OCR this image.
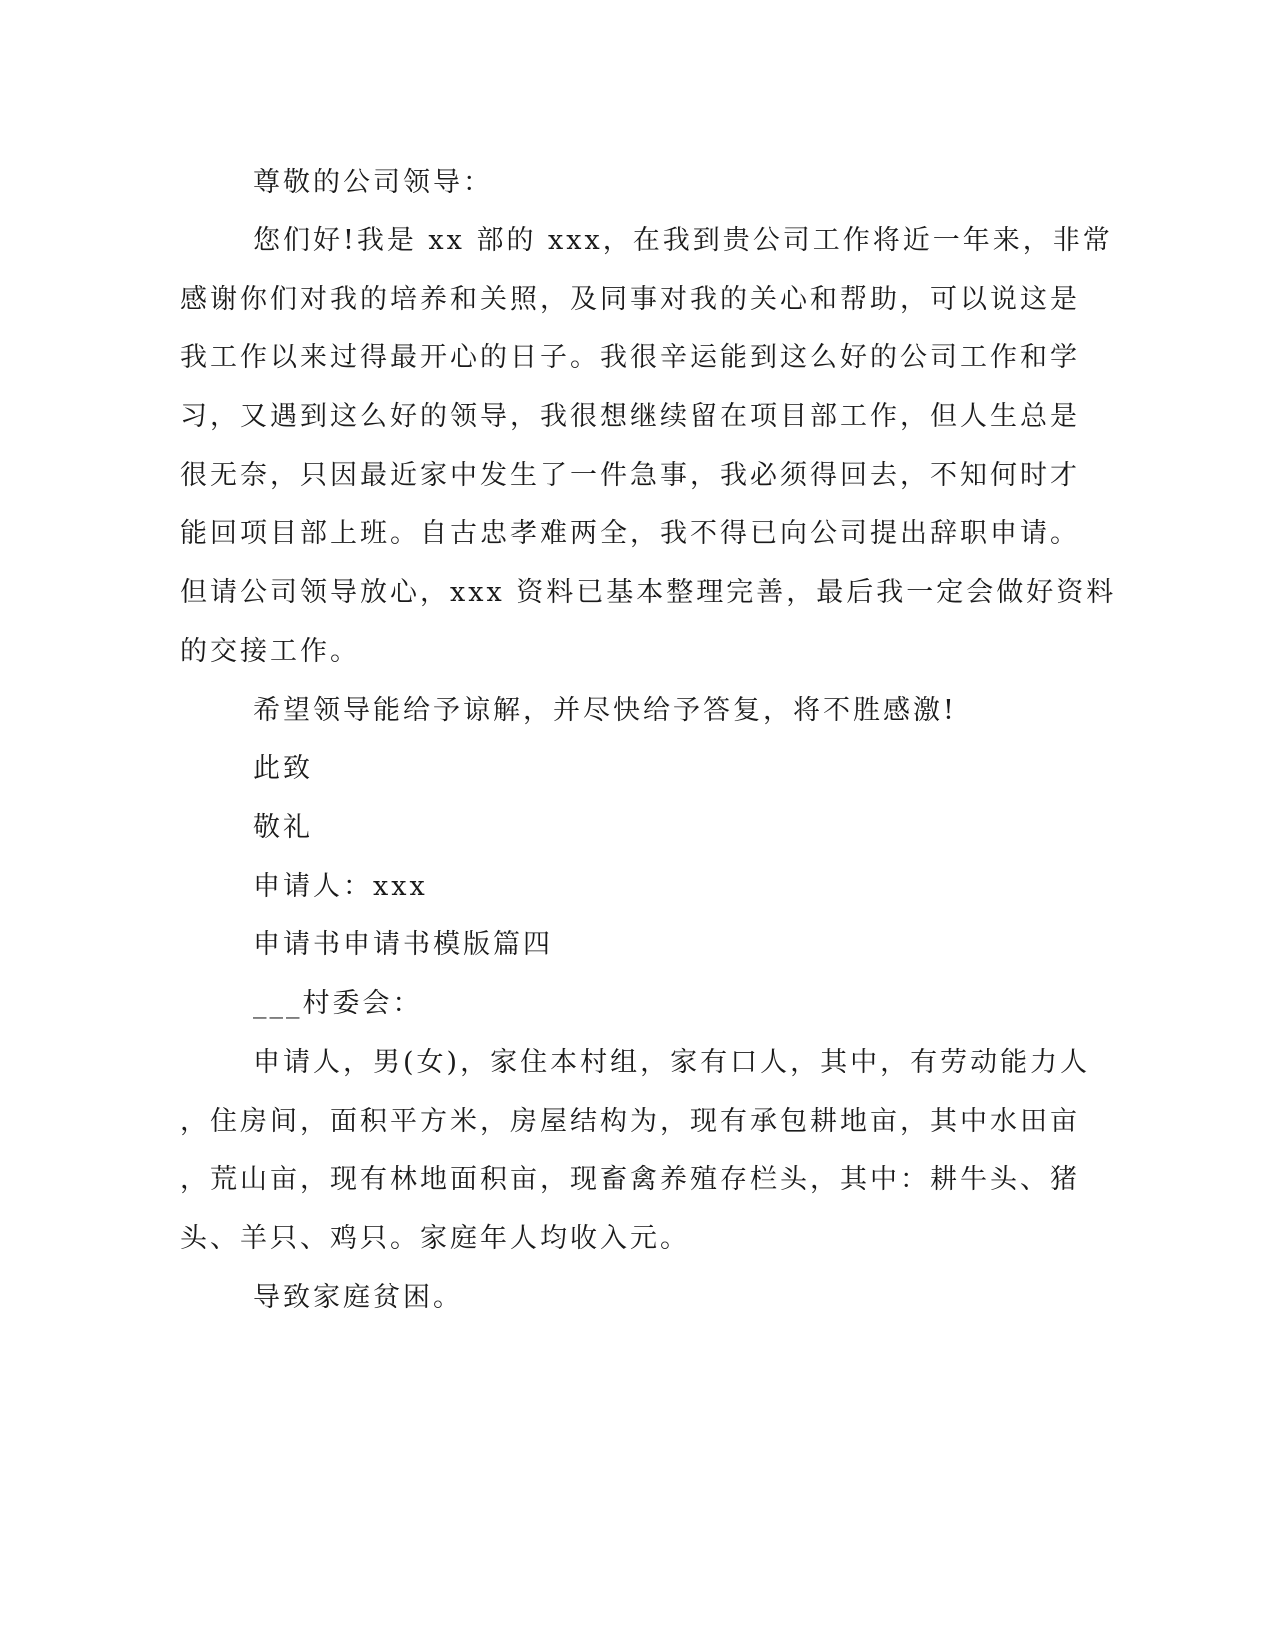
尊敬的公司领导：
您们好!我是 xx 部的 xxx，在我到贵公司工作将近一年来，非常
感谢你们对我的培养和关照，及同事对我的关心和帮助，可以说这是
我工作以来过得最开心的日子。我很辛运能到这么好的公司工作和学
习，又遇到这么好的领导，我很想继续留在项目部工作，但人生总是
很无奈，只因最近家中发生了一件急事，我必须得回去，不知何时才
能回项目部上班。自古忠孝难两全，我不得已向公司提出辞职申请。
但请公司领导放心，xxx 资料已基本整理完善，最后我一定会做好资料
的交接工作。
希望领导能给予谅解，并尽快给予答复，将不胜感激!
此致
敬礼
申请人：xxx
申请书申请书模版篇四
___村委会：
申请人，男(女)，家住本村组，家有口人，其中，有劳动能力人
，住房间，面积平方米，房屋结构为，现有承包耕地亩，其中水田亩
，荒山亩，现有林地面积亩，现畜禽养殖存栏头，其中：耕牛头、猪
头、羊只、鸡只。家庭年人均收入元。
导致家庭贫困。
